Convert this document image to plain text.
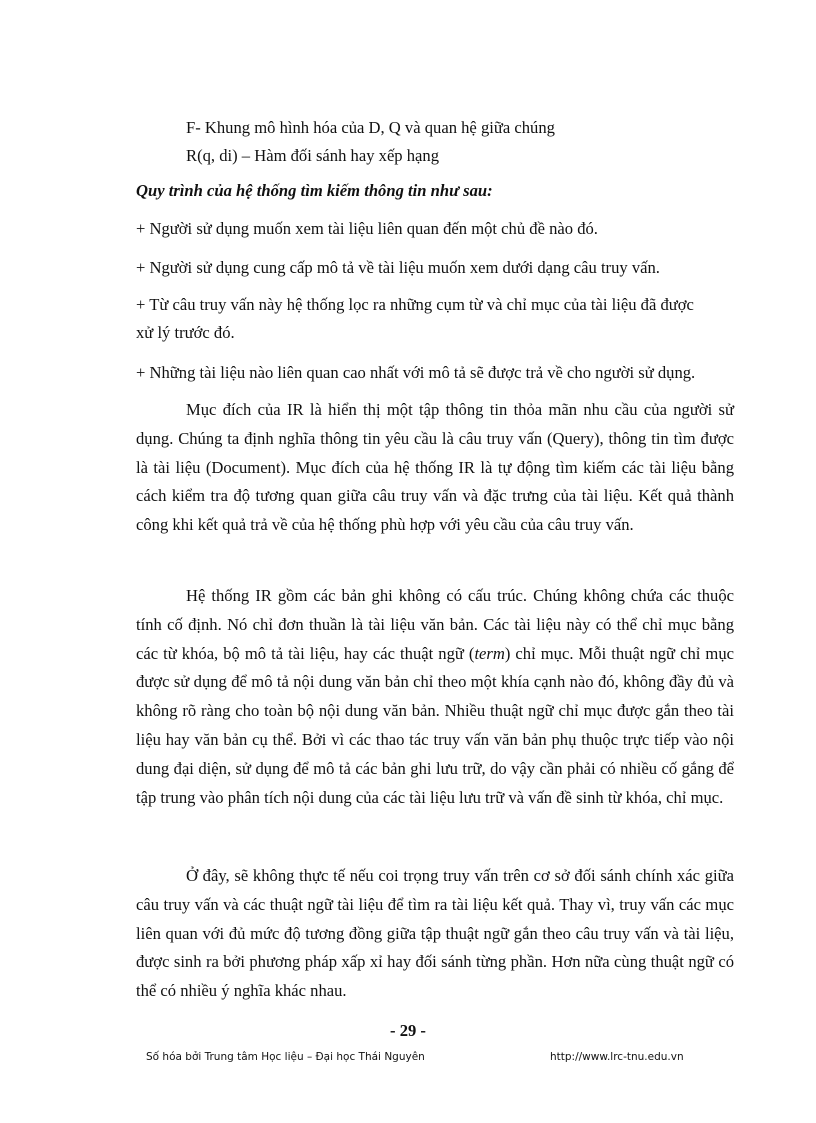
F- Khung mô hình hóa của D, Q và quan hệ giữa chúng
R(q, di) – Hàm đối sánh hay xếp hạng
Quy trình của hệ thống tìm kiếm thông tin như sau:
+ Người sử dụng muốn xem tài liệu liên quan đến một chủ đề nào đó.
+ Người sử dụng cung cấp mô tả về tài liệu muốn xem dưới dạng câu truy vấn.
+ Từ câu truy vấn này hệ thống lọc ra những cụm từ và chỉ mục của tài liệu đã được
xử lý trước đó.
+ Những tài liệu nào liên quan cao nhất với mô tả sẽ được trả về cho người sử dụng.
Mục đích của IR là hiển thị một tập thông tin thỏa mãn nhu cầu của người sử dụng. Chúng ta định nghĩa thông tin yêu cầu là câu truy vấn (Query), thông tin tìm được là tài liệu (Document). Mục đích của hệ thống IR là tự động tìm kiếm các tài liệu bằng cách kiểm tra độ tương quan giữa câu truy vấn và đặc trưng của tài liệu. Kết quả thành công khi kết quả trả về của hệ thống phù hợp với yêu cầu của câu truy vấn.
Hệ thống IR gồm các bản ghi không có cấu trúc. Chúng không chứa các thuộc tính cố định. Nó chỉ đơn thuần là tài liệu văn bản. Các tài liệu này có thể chỉ mục bằng các từ khóa, bộ mô tả tài liệu, hay các thuật ngữ (term) chỉ mục. Mỗi thuật ngữ chỉ mục được sử dụng để mô tả nội dung văn bản chỉ theo một khía cạnh nào đó, không đầy đủ và không rõ ràng cho toàn bộ nội dung văn bản. Nhiều thuật ngữ chỉ mục được gắn theo tài liệu hay văn bản cụ thể. Bởi vì các thao tác truy vấn văn bản phụ thuộc trực tiếp vào nội dung đại diện, sử dụng để mô tả các bản ghi lưu trữ, do vậy cần phải có nhiều cố gắng để tập trung vào phân tích nội dung của các tài liệu lưu trữ và vấn đề sinh từ khóa, chỉ mục.
Ở đây, sẽ không thực tế nếu coi trọng truy vấn trên cơ sở đối sánh chính xác giữa câu truy vấn và các thuật ngữ tài liệu để tìm ra tài liệu kết quả. Thay vì, truy vấn các mục liên quan với đủ mức độ tương đồng giữa tập thuật ngữ gắn theo câu truy vấn và tài liệu, được sinh ra bởi phương pháp xấp xỉ hay đối sánh từng phần. Hơn nữa cùng thuật ngữ có thể có nhiều ý nghĩa khác nhau.
- 29 -
Số hóa bởi Trung tâm Học liệu – Đại học Thái Nguyên	http://www.lrc-tnu.edu.vn
